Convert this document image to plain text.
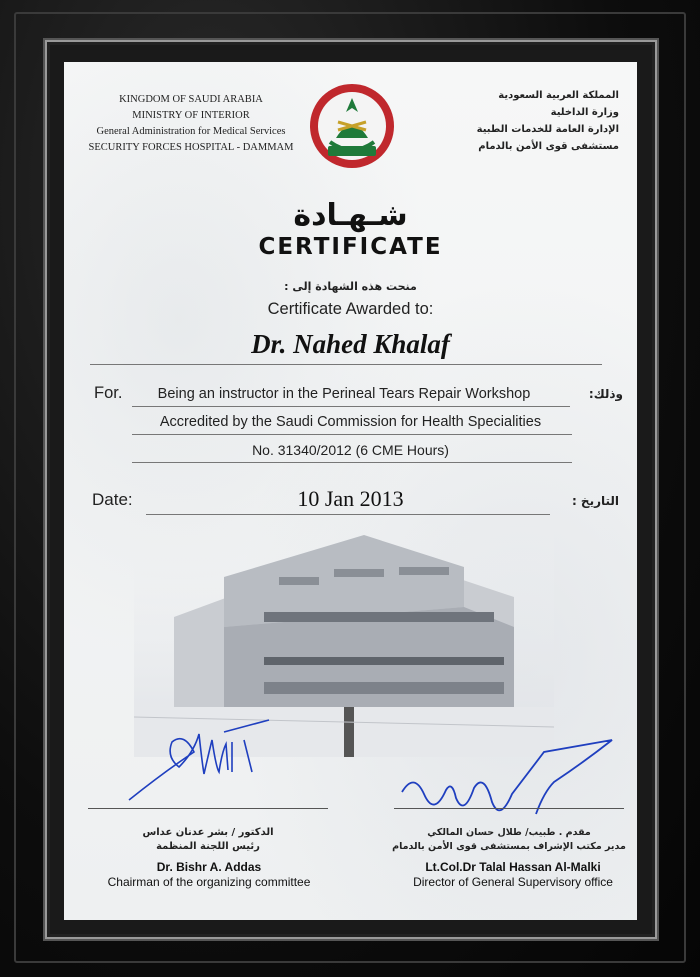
KINGDOM OF SAUDI ARABIA
MINISTRY OF INTERIOR
General Administration for Medical Services
SECURITY FORCES HOSPITAL - DAMMAM
المملكة العربية السعودية
وزارة الداخلية
الإدارة العامة للخدمات الطبية
مستشفى قوى الأمن بالدمام
شـهـادة
CERTIFICATE
منحت هذه الشهادة إلى :
Certificate Awarded to:
Dr. Nahed Khalaf
For.	Being an instructor in the Perineal Tears Repair Workshop	وذلك:
Accredited by the Saudi Commission for Health Specialities
No. 31340/2012 (6 CME Hours)
Date:	10 Jan 2013	التاريخ :
الدكتور / بشر عدنان عداس
رئيس اللجنة المنظمة
مقدم . طبيب/ طلال حسان المالكي
مدير مكتب الإشراف بمستشفى قوى الأمن بالدمام
Dr. Bishr A. Addas
Chairman of the organizing committee
Lt.Col.Dr Talal Hassan Al-Malki
Director of General Supervisory office
